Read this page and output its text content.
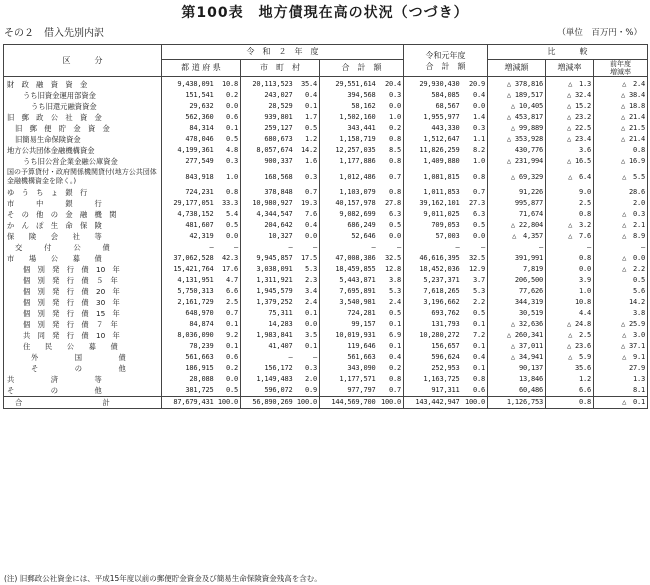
第100表　地方債現在高の状況（つづき）
その２　借入先別内訳	（単位　百万円・%）
区　　　分	令　和　２　年　度						令和元年度
合　計　額		比　　　較		
	都 道 府 県		市　町　村		合　計　額				増減額	増減率	前年度
増減率
財　政　融　資　資　金	9,438,091	10.8	20,113,523	35.4	29,551,614	20.4	29,930,430	20.9	△ 378,816	△　1.3	△　2.4
うち旧資金運用部資金	151,541	0.2	243,027	0.4	394,568	0.3	584,085	0.4	△ 189,517	△ 32.4	△ 38.4
うち旧還元融資資金	29,632	0.0	28,529	0.1	58,162	0.0	68,567	0.0	△ 10,405	△ 15.2	△ 18.8
旧　郵　政　公　社　資　金	562,360	0.6	939,801	1.7	1,502,160	1.0	1,955,977	1.4	△ 453,817	△ 23.2	△ 21.4
旧　郵　便　貯　金　資　金	84,314	0.1	259,127	0.5	343,441	0.2	443,330	0.3	△ 99,889	△ 22.5	△ 21.5
旧簡易生命保険資金	478,046	0.5	680,673	1.2	1,158,719	0.8	1,512,647	1.1	△ 353,928	△ 23.4	△ 21.4
地方公共団体金融機構資金	4,199,361	4.8	8,057,674	14.2	12,257,035	8.5	11,826,259	8.2	430,776	3.6	0.8
うち旧公営企業金融公庫資金	277,549	0.3	900,337	1.6	1,177,886	0.8	1,409,880	1.0	△ 231,994	△ 16.5	△ 16.9
国の予算貸付・政府関係機関貸付(地方公共団体金融機構資金を除く。)	843,918	1.0	168,568	0.3	1,012,486	0.7	1,081,815	0.8	△ 69,329	△　6.4	△　5.5
ゆ　う　ち　ょ　銀　行	724,231	0.8	378,848	0.7	1,103,079	0.8	1,011,853	0.7	91,226	9.0	28.6
市　　　中　　　銀　　　行	29,177,051	33.3	10,980,927	19.3	40,157,978	27.8	39,162,101	27.3	995,877	2.5	2.0
そ　の　他　の　金　融　機　関	4,738,152	5.4	4,344,547	7.6	9,082,699	6.3	9,011,025	6.3	71,674	0.8	△　0.3
か　ん　ぽ　生　命　保　険	481,607	0.5	204,642	0.4	686,249	0.5	709,053	0.5	△ 22,804	△　3.2	△　2.1
保　　険　　会　　社　　等	42,319	0.0	10,327	0.0	52,646	0.0	57,003	0.0	△　4,357	△　7.6	△　8.9
交　　　付　　　公　　　債	–	–	–	–	–	–	–	–	–	–	–
市　　場　　公　　募　　債	37,062,528	42.3	9,945,857	17.5	47,008,386	32.5	46,616,395	32.5	391,991	0.8	△　0.0
個　別　発　行　債　10　年	15,421,764	17.6	3,038,091	5.3	18,459,855	12.8	18,452,036	12.9	7,819	0.0	△　2.2
個　別　発　行　債　５　年	4,131,951	4.7	1,311,921	2.3	5,443,871	3.8	5,237,371	3.7	206,500	3.9	0.5
個　別　発　行　債　20　年	5,750,313	6.6	1,945,579	3.4	7,695,891	5.3	7,618,265	5.3	77,626	1.0	5.6
個　別　発　行　債　30　年	2,161,729	2.5	1,379,252	2.4	3,540,981	2.4	3,196,662	2.2	344,319	10.8	14.2
個　別　発　行　債　15　年	648,970	0.7	75,311	0.1	724,281	0.5	693,762	0.5	30,519	4.4	3.8
個　別　発　行　債　７　年	84,874	0.1	14,283	0.0	99,157	0.1	131,793	0.1	△ 32,636	△ 24.8	△ 25.9
共　同　発　行　債　10　年	8,036,090	9.2	1,983,841	3.5	10,019,931	6.9	10,280,272	7.2	△ 260,341	△　2.5	△　3.0
住　　民　　公　　募　　債	78,239	0.1	41,407	0.1	119,646	0.1	156,657	0.1	△ 37,011	△ 23.6	△ 37.1
外　　　　　国　　　　　債	561,663	0.6	–	–	561,663	0.4	596,624	0.4	△ 34,941	△　5.9	△　9.1
そ　　　　　の　　　　　他	186,915	0.2	156,172	0.3	343,090	0.2	252,953	0.1	90,137	35.6	27.9
共　　　　　済　　　　　等	28,088	0.0	1,149,483	2.0	1,177,571	0.8	1,163,725	0.8	13,846	1.2	1.3
そ　　　　　の　　　　　他	381,725	0.5	596,072	0.9	977,797	0.7	917,311	0.6	60,486	6.6	8.1
合　　　　　　　　　　　計	87,679,431	100.0	56,890,269	100.0	144,569,700	100.0	143,442,947	100.0	1,126,753	0.8	△　0.1
(注) 旧郵政公社資金には、平成15年度以前の郵便貯金資金及び簡易生命保険資金残高を含む。
